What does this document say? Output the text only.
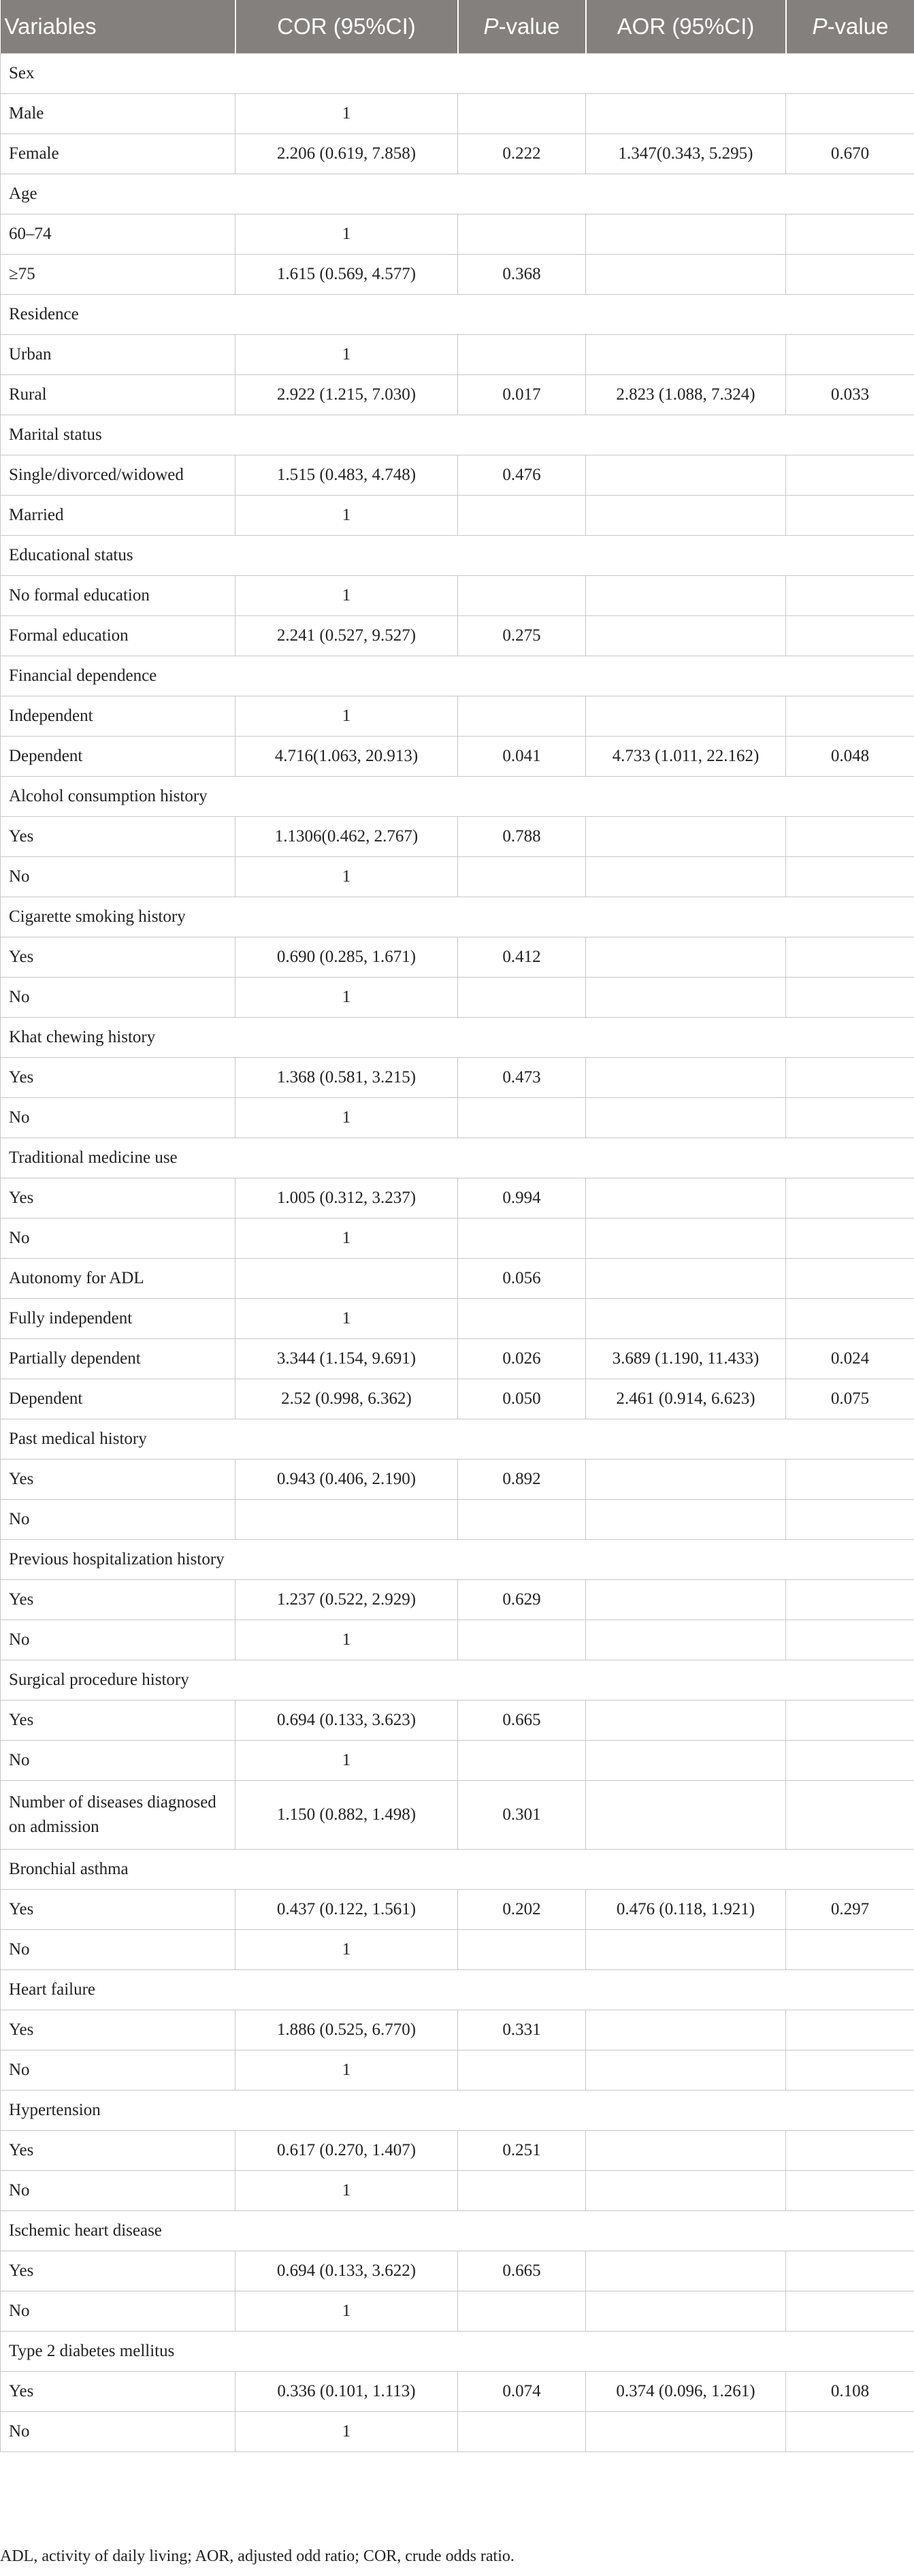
Variables	COR (95%CI)	P-value	AOR (95%CI)	P-value
Sex				
Male	1			
Female	2.206 (0.619, 7.858)	0.222	1.347(0.343, 5.295)	0.670
Age				
60–74	1			
≥75	1.615 (0.569, 4.577)	0.368		
Residence				
Urban	1			
Rural	2.922 (1.215, 7.030)	0.017	2.823 (1.088, 7.324)	0.033
Marital status				
Single/divorced/widowed	1.515 (0.483, 4.748)	0.476		
Married	1			
Educational status				
No formal education	1			
Formal education	2.241 (0.527, 9.527)	0.275		
Financial dependence				
Independent	1			
Dependent	4.716(1.063, 20.913)	0.041	4.733 (1.011, 22.162)	0.048
Alcohol consumption history				
Yes	1.1306(0.462, 2.767)	0.788		
No	1			
Cigarette smoking history				
Yes	0.690 (0.285, 1.671)	0.412		
No	1			
Khat chewing history				
Yes	1.368 (0.581, 3.215)	0.473		
No	1			
Traditional medicine use				
Yes	1.005 (0.312, 3.237)	0.994		
No	1			
Autonomy for ADL		0.056		
Fully independent	1			
Partially dependent	3.344 (1.154, 9.691)	0.026	3.689 (1.190, 11.433)	0.024
Dependent	2.52 (0.998, 6.362)	0.050	2.461 (0.914, 6.623)	0.075
Past medical history				
Yes	0.943 (0.406, 2.190)	0.892		
No				
Previous hospitalization history				
Yes	1.237 (0.522, 2.929)	0.629		
No	1			
Surgical procedure history				
Yes	0.694 (0.133, 3.623)	0.665		
No	1			
Number of diseases diagnosed on admission	1.150 (0.882, 1.498)	0.301		
Bronchial asthma				
Yes	0.437 (0.122, 1.561)	0.202	0.476 (0.118, 1.921)	0.297
No	1			
Heart failure				
Yes	1.886 (0.525, 6.770)	0.331		
No	1			
Hypertension				
Yes	0.617 (0.270, 1.407)	0.251		
No	1			
Ischemic heart disease				
Yes	0.694 (0.133, 3.622)	0.665		
No	1			
Type 2 diabetes mellitus				
Yes	0.336 (0.101, 1.113)	0.074	0.374 (0.096, 1.261)	0.108
No	1			
ADL, activity of daily living; AOR, adjusted odd ratio; COR, crude odds ratio.
